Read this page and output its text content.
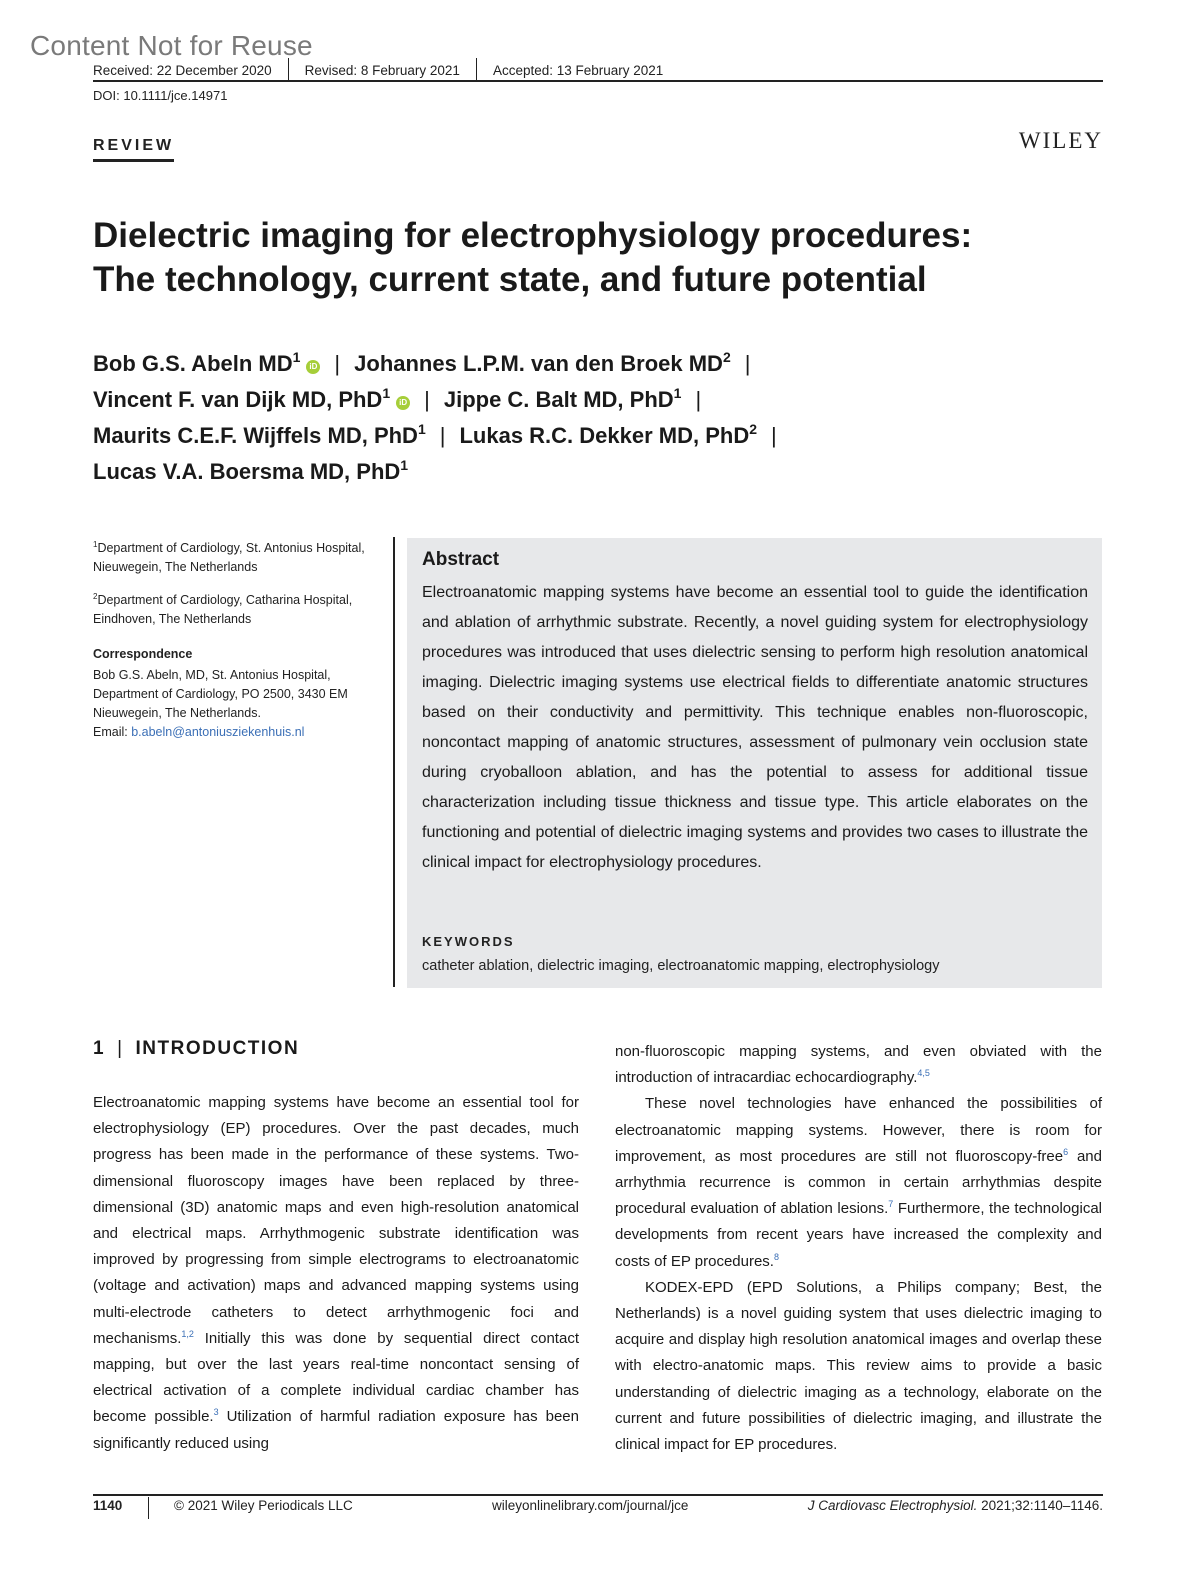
Content Not for Reuse
Received: 22 December 2020 Revised: 8 February 2021 Accepted: 13 February 2021
DOI: 10.1111/jce.14971
REVIEW	WILEY
Dielectric imaging for electrophysiology procedures:
The technology, current state, and future potential
Bob G.S. Abeln $MD^1iD$ | Johannes L.P.M. van den Broek $MD^2$ |
Vincent F. van Dijk MD, PhD$^1$iD | Jippe C. Balt MD, PhD$^1$ |
Maurits C.E.F. Wijffels MD, PhD$^1$ | Lukas R.C. Dekker MD, PhD$^2$ |
Lucas V.A. Boersma MD, PhD$^1$

$^1$Department of Cardiology, St. Antonius Hospital, Nieuwegein, The Netherlands

$^2$Department of Cardiology, Catharina Hospital, Eindhoven, The Netherlands

Correspondence

Bob G.S. Abeln, MD, St. Antonius Hospital, Department of Cardiology, PO 2500, 3430 EM Nieuwegein, The Netherlands.
Email: b.abeln@antoniusziekenhuis.nl
Abstract
Electroanatomic mapping systems have become an essential tool to guide the identification and ablation of arrhythmic substrate. Recently, a novel guiding system for electrophysiology procedures was introduced that uses dielectric sensing to perform high resolution anatomical imaging. Dielectric imaging systems use electrical fields to differentiate anatomic structures based on their conductivity and permittivity. This technique enables non-fluoroscopic, noncontact mapping of anatomic structures, assessment of pulmonary vein occlusion state during cryoballoon ablation, and has the potential to assess for additional tissue characterization including tissue thickness and tissue type. This article elaborates on the functioning and potential of dielectric imaging systems and provides two cases to illustrate the clinical impact for electrophysiology procedures.
KEYWORDS
catheter ablation, dielectric imaging, electroanatomic mapping, electrophysiology
1 | INTRODUCTION

Electroanatomic mapping systems have become an essential tool for electrophysiology (EP) procedures. Over the past decades, much progress has been made in the performance of these systems. Two-dimensional fluoroscopy images have been replaced by three-dimensional (3D) anatomic maps and even high-resolution anatomical and electrical maps. Arrhythmogenic substrate identification was improved by progressing from simple electrograms to electroanatomic (voltage and activation) maps and advanced mapping systems using multi-electrode catheters to detect arrhythmogenic foci and mechanisms.$^{1,2}$ Initially this was done by sequential direct contact mapping, but over the last years real-time noncontact sensing of electrical activation of a complete individual cardiac chamber has become possible.$^3$ Utilization of harmful radiation exposure has been significantly reduced using

non-fluoroscopic mapping systems, and even obviated with the introduction of intracardiac echocardiography.$^{4,5}$

These novel technologies have enhanced the possibilities of electroanatomic mapping systems. However, there is room for improvement, as most procedures are still not fluoroscopy-free$^6$ and arrhythmia recurrence is common in certain arrhythmias despite procedural evaluation of ablation lesions.$^7$ Furthermore, the technological developments from recent years have increased the complexity and costs of EP procedures.$^8$

KODEX-EPD (EPD Solutions, a Philips company; Best, the Netherlands) is a novel guiding system that uses dielectric imaging to acquire and display high resolution anatomical images and overlap these with electro-anatomic maps. This review aims to provide a basic understanding of dielectric imaging as a technology, elaborate on the current and future possibilities of dielectric imaging, and illustrate the clinical impact for EP procedures.

1140	© 2021 Wiley Periodicals LLC	wileyonlinelibrary.com/journal/jce	J Cardiovasc Electrophysiol. 2021;32:1140–1146.
